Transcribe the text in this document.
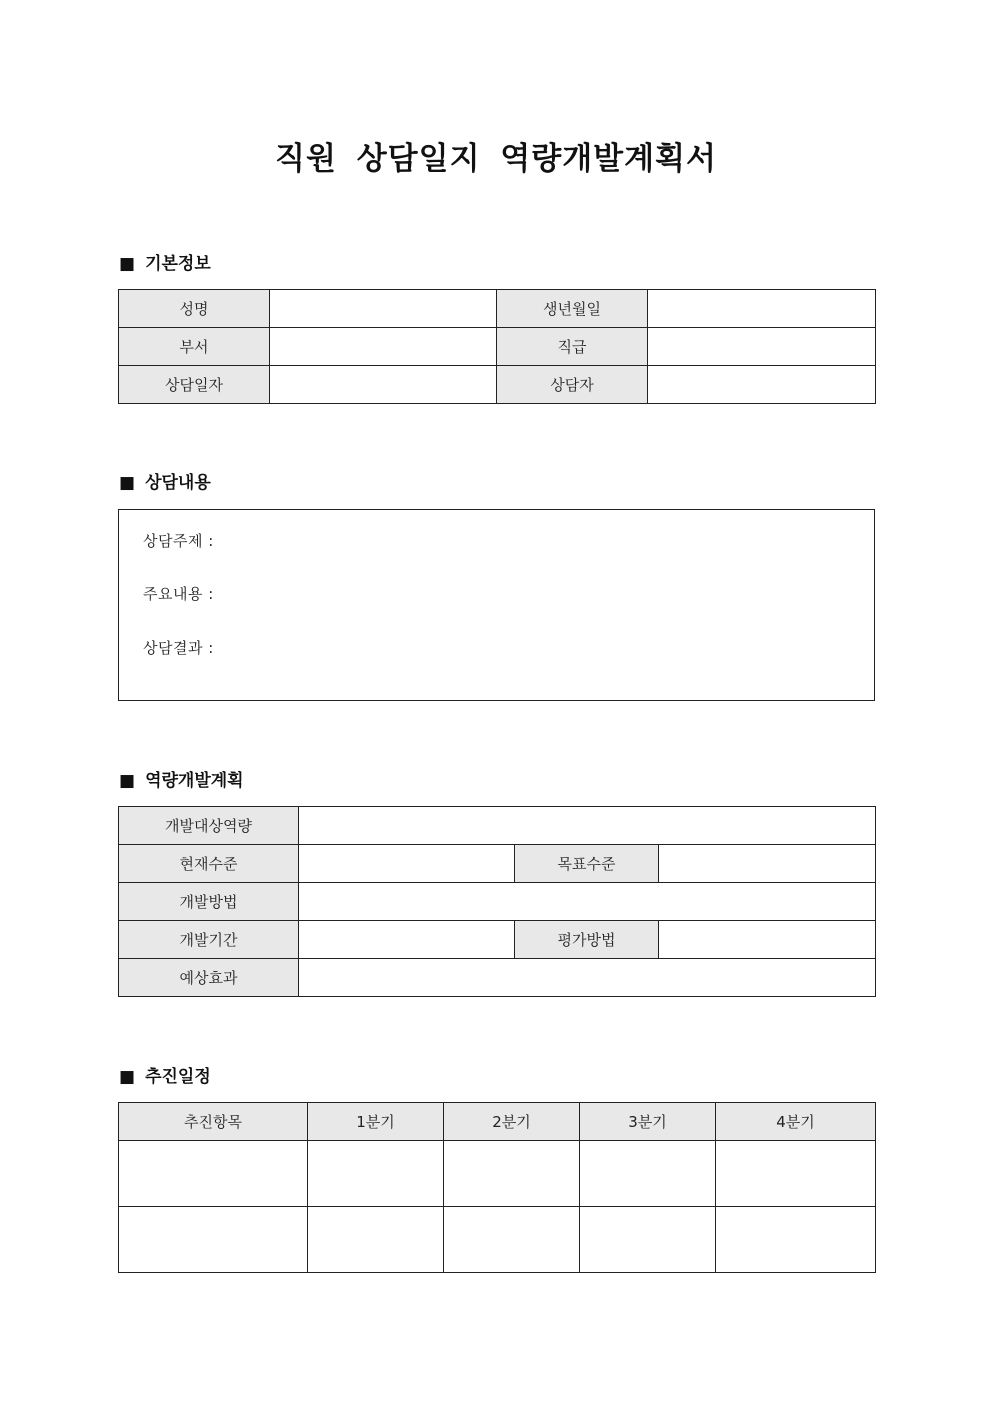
직원 상담일지 역량개발계획서
■ 기본정보
성명		생년월일	
부서		직급	
상담일자		상담자	
■ 상담내용
상담주제 :
주요내용 :
상담결과 :
■ 역량개발계획
개발대상역량			
현재수준		목표수준	
개발방법			
개발기간		평가방법	
예상효과			
■ 추진일정
추진항목	1분기	2분기	3분기	4분기
